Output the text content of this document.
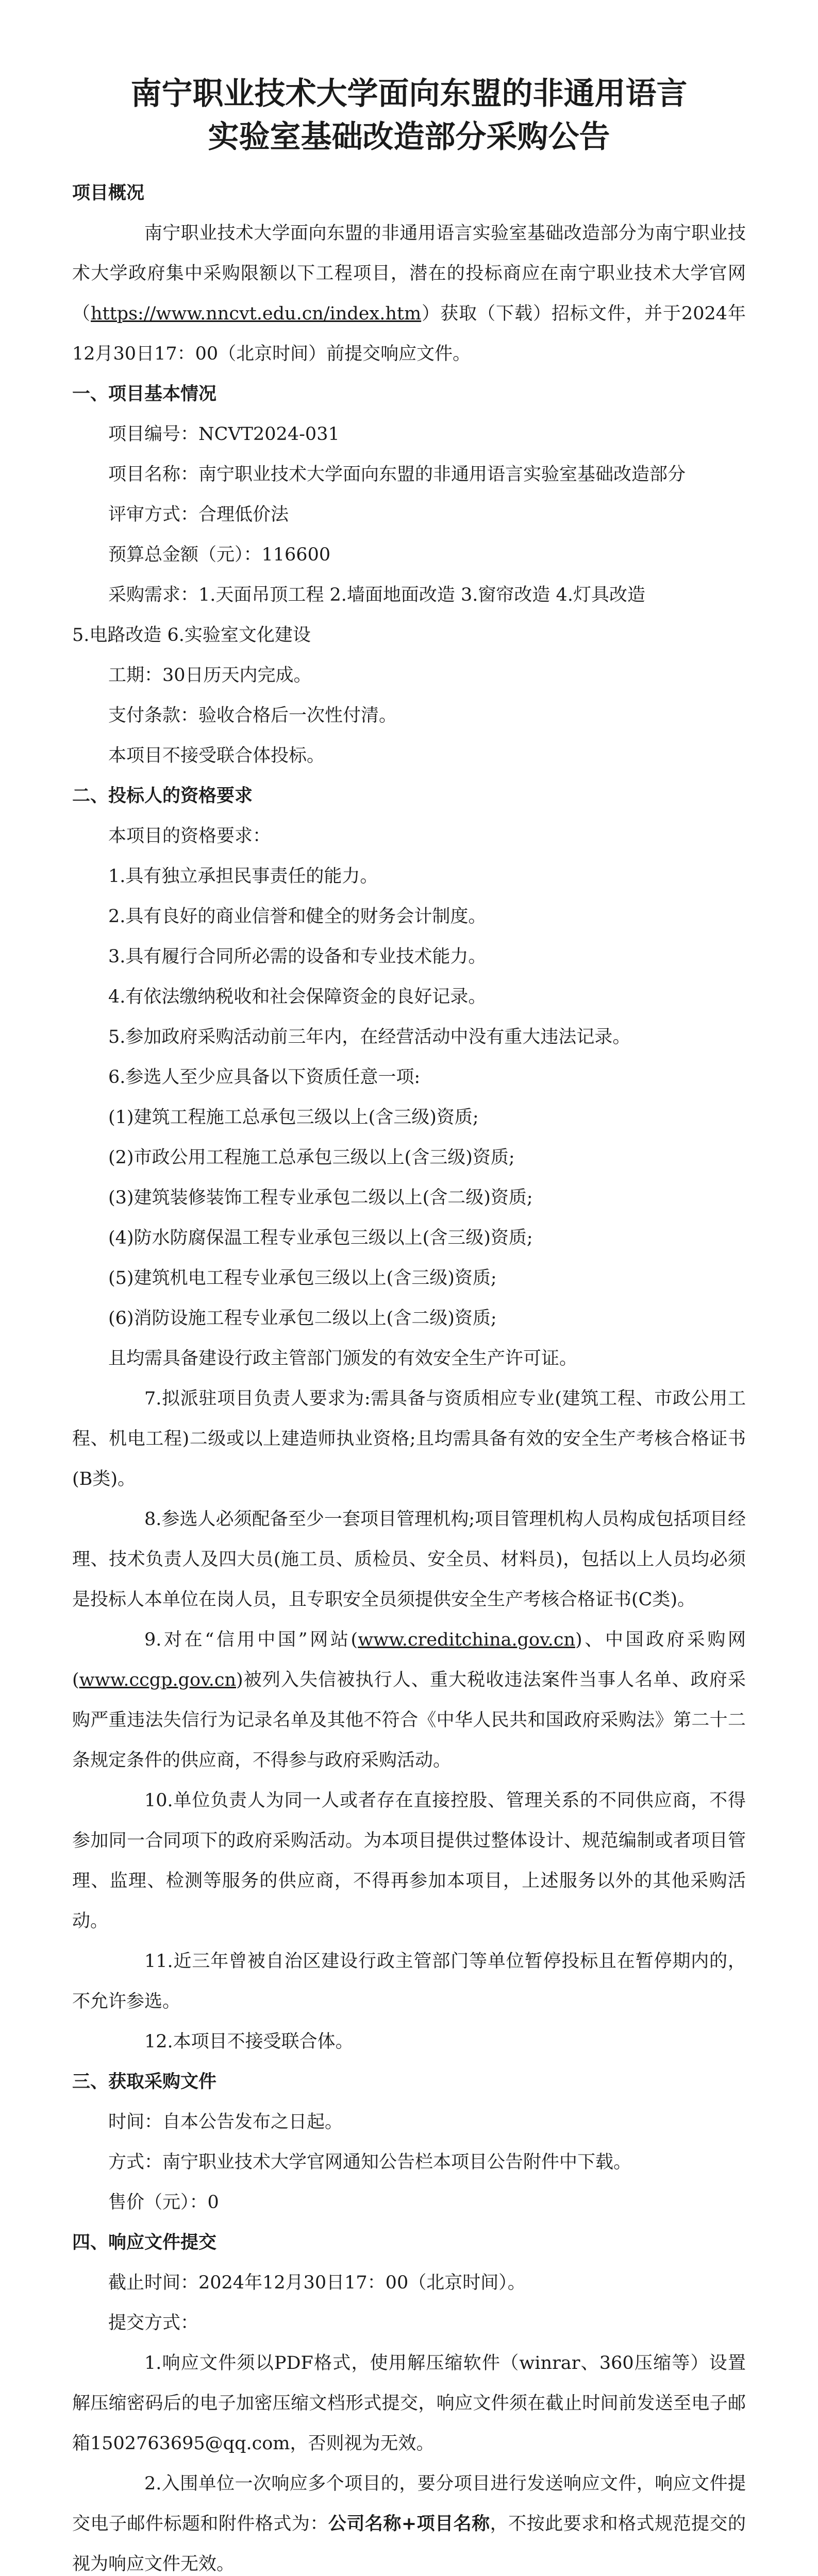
南宁职业技术大学面向东盟的非通用语言
实验室基础改造部分采购公告

项目概况

南宁职业技术大学面向东盟的非通用语言实验室基础改造部分为南宁职业技术大学政府集中采购限额以下工程项目，潜在的投标商应在南宁职业技术大学官网（https://www.nncvt.edu.cn/index.htm）获取（下载）招标文件，并于2024年12月30日17：00（北京时间）前提交响应文件。

一、项目基本情况

项目编号：NCVT2024-031

项目名称：南宁职业技术大学面向东盟的非通用语言实验室基础改造部分

评审方式：合理低价法

预算总金额（元）：116600

采购需求：1.天面吊顶工程 2.墙面地面改造 3.窗帘改造 4.灯具改造

5.电路改造 6.实验室文化建设

工期：30日历天内完成。

支付条款：验收合格后一次性付清。

本项目不接受联合体投标。

二、投标人的资格要求

本项目的资格要求：

1.具有独立承担民事责任的能力。

2.具有良好的商业信誉和健全的财务会计制度。

3.具有履行合同所必需的设备和专业技术能力。

4.有依法缴纳税收和社会保障资金的良好记录。

5.参加政府采购活动前三年内，在经营活动中没有重大违法记录。

6.参选人至少应具备以下资质任意一项:

(1)建筑工程施工总承包三级以上(含三级)资质;

(2)市政公用工程施工总承包三级以上(含三级)资质;

(3)建筑装修装饰工程专业承包二级以上(含二级)资质;

(4)防水防腐保温工程专业承包三级以上(含三级)资质;

(5)建筑机电工程专业承包三级以上(含三级)资质;

(6)消防设施工程专业承包二级以上(含二级)资质;

且均需具备建设行政主管部门颁发的有效安全生产许可证。

7.拟派驻项目负责人要求为:需具备与资质相应专业(建筑工程、市政公用工程、机电工程)二级或以上建造师执业资格;且均需具备有效的安全生产考核合格证书(B类)。

8.参选人必须配备至少一套项目管理机构;项目管理机构人员构成包括项目经理、技术负责人及四大员(施工员、质检员、安全员、材料员)，包括以上人员均必须是投标人本单位在岗人员，且专职安全员须提供安全生产考核合格证书(C类)。

9.对在“信用中国”网站(www.creditchina.gov.cn)、中国政府采购网(www.ccgp.gov.cn)被列入失信被执行人、重大税收违法案件当事人名单、政府采购严重违法失信行为记录名单及其他不符合《中华人民共和国政府采购法》第二十二条规定条件的供应商，不得参与政府采购活动。

10.单位负责人为同一人或者存在直接控股、管理关系的不同供应商，不得参加同一合同项下的政府采购活动。为本项目提供过整体设计、规范编制或者项目管理、监理、检测等服务的供应商，不得再参加本项目，上述服务以外的其他采购活动。

11.近三年曾被自治区建设行政主管部门等单位暂停投标且在暂停期内的，不允许参选。

12.本项目不接受联合体。

三、获取采购文件

时间：自本公告发布之日起。

方式：南宁职业技术大学官网通知公告栏本项目公告附件中下载。

售价（元）：0

四、响应文件提交

截止时间：2024年12月30日17：00（北京时间）。

提交方式：

1.响应文件须以PDF格式，使用解压缩软件（winrar、360压缩等）设置解压缩密码后的电子加密压缩文档形式提交，响应文件须在截止时间前发送至电子邮箱1502763695@qq.com，否则视为无效。

2.入围单位一次响应多个项目的，要分项目进行发送响应文件，响应文件提交电子邮件标题和附件格式为：公司名称+项目名称，不按此要求和格式规范提交的视为响应文件无效。
